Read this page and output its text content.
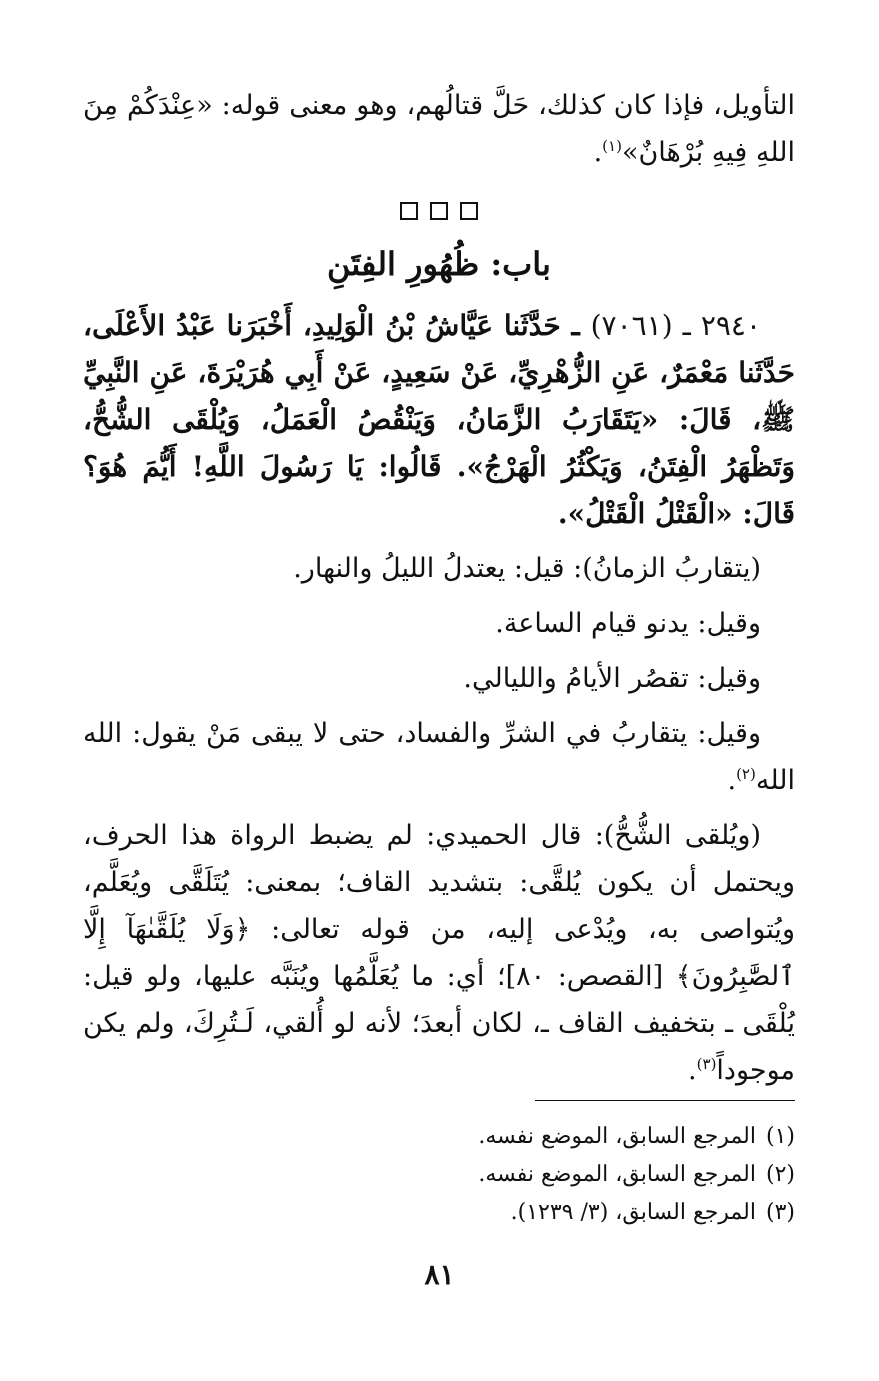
التأويل، فإذا كان كذلك، حَلَّ قتالُهم، وهو معنى قوله: «عِنْدَكُمْ مِنَ اللهِ فِيهِ بُرْهَانٌ»$^{(١)}$.

باب: ظُهُورِ الفِتَنِ

٢٩٤٠ ـ (٧٠٦١) ـ حَدَّثَنا عَيَّاشُ بْنُ الْوَلِيدِ، أَخْبَرَنا عَبْدُ الأَعْلَى، حَدَّثَنا مَعْمَرٌ، عَنِ الزُّهْرِيِّ، عَنْ سَعِيدٍ، عَنْ أَبِي هُرَيْرَةَ، عَنِ النَّبِيِّ ﷺ، قَالَ: «يَتَقَارَبُ الزَّمَانُ، وَيَنْقُصُ الْعَمَلُ، وَيُلْقَى الشُّحُّ، وَتَظْهَرُ الْفِتَنُ، وَيَكْثُرُ الْهَرْجُ». قَالُوا: يَا رَسُولَ اللَّهِ! أَيُّمَ هُوَ؟ قَالَ: «الْقَتْلُ الْقَتْلُ».

(يتقاربُ الزمانُ): قيل: يعتدلُ الليلُ والنهار.

وقيل: يدنو قيام الساعة.

وقيل: تقصُر الأيامُ والليالي.

وقيل: يتقاربُ في الشرِّ والفساد، حتى لا يبقى مَنْ يقول: الله الله$^{(٢)}$.

(ويُلقى الشُّحُّ): قال الحميدي: لم يضبط الرواة هذا الحرف، ويحتمل أن يكون يُلقَّى: بتشديد القاف؛ بمعنى: يُتَلَقَّى ويُعَلَّم، ويُتواصى به، ويُدْعى إليه، من قوله تعالى: ﴿وَلَا يُلَقَّىٰهَآ إِلَّا ٱلصَّٰبِرُونَ﴾ [القصص: ٨٠]؛ أي: ما يُعَلَّمُها ويُنَبَّه عليها، ولو قيل: يُلْقَى ـ بتخفيف القاف ـ، لكان أبعدَ؛ لأنه لو أُلقي، لَـتُرِكَ، ولم يكن موجوداً$^{(٣)}$.

(١)
المرجع السابق، الموضع نفسه.
(٢)
المرجع السابق، الموضع نفسه.
(٣)
المرجع السابق، (٣/ ١٢٣٩).
٨١
